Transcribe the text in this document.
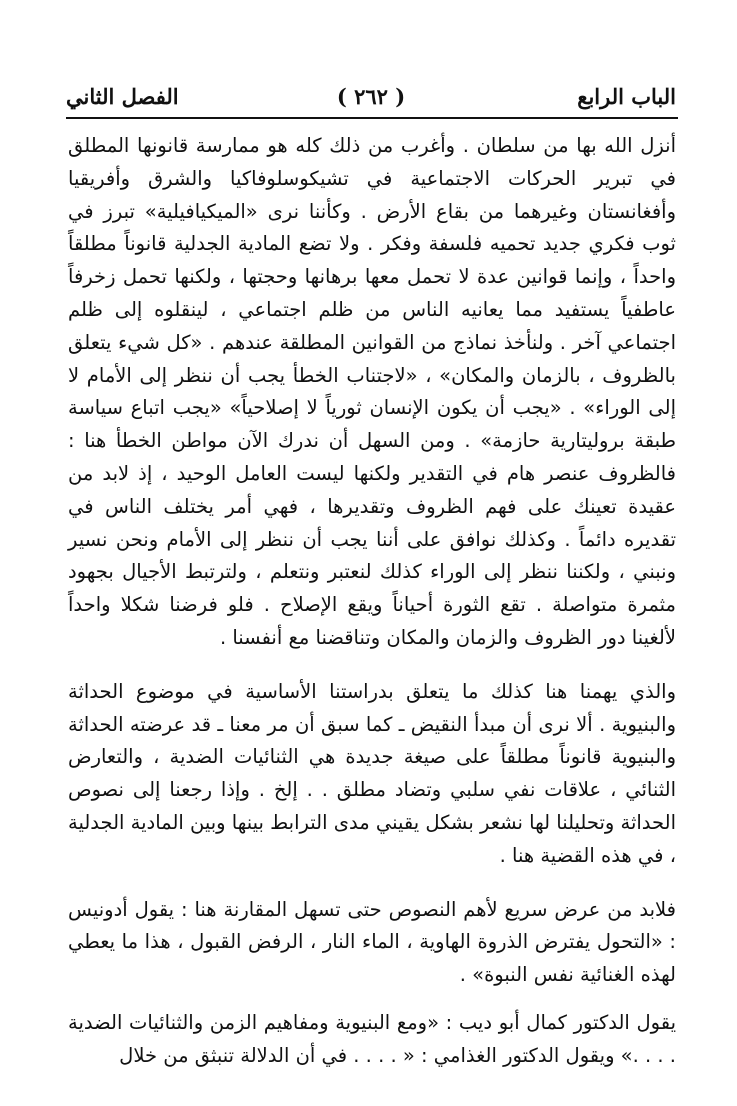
الباب الرابع
( ٢٦٢ )
الفصل الثاني

أنزل الله بها من سلطان . وأغرب من ذلك كله هو ممارسة قانونها المطلق في تبرير الحركات الاجتماعية في تشيكوسلوفاكيا والشرق وأفريقيا وأفغانستان وغيرهما من بقاع الأرض . وكأننا نرى «الميكيافيلية» تبرز في ثوب فكري جديد تحميه فلسفة وفكر . ولا تضع المادية الجدلية قانوناً مطلقاً واحداً ، وإنما قوانين عدة لا تحمل معها برهانها وحجتها ، ولكنها تحمل زخرفاً عاطفياً يستفيد مما يعانيه الناس من ظلم اجتماعي ، لينقلوه إلى ظلم اجتماعي آخر . ولنأخذ نماذج من القوانين المطلقة عندهم . «كل شيء يتعلق بالظروف ، بالزمان والمكان» ، «لاجتناب الخطأ يجب أن ننظر إلى الأمام لا إلى الوراء» . «يجب أن يكون الإنسان ثورياً لا إصلاحياً» «يجب اتباع سياسة طبقة بروليتارية حازمة» . ومن السهل أن ندرك الآن مواطن الخطأ هنا : فالظروف عنصر هام في التقدير ولكنها ليست العامل الوحيد ، إذ لابد من عقيدة تعينك على فهم الظروف وتقديرها ، فهي أمر يختلف الناس في تقديره دائماً . وكذلك نوافق على أننا يجب أن ننظر إلى الأمام ونحن نسير ونبني ، ولكننا ننظر إلى الوراء كذلك لنعتبر ونتعلم ، ولترتبط الأجيال بجهود مثمرة متواصلة . تقع الثورة أحياناً ويقع الإصلاح . فلو فرضنا شكلا واحداً لألغينا دور الظروف والزمان والمكان وتناقضنا مع أنفسنا .

والذي يهمنا هنا كذلك ما يتعلق بدراستنا الأساسية في موضوع الحداثة والبنيوية . ألا نرى أن مبدأ النقيض ـ كما سبق أن مر معنا ـ قد عرضته الحداثة والبنيوية قانوناً مطلقاً على صيغة جديدة هي الثنائيات الضدية ، والتعارض الثنائي ، علاقات نفي سلبي وتضاد مطلق . . إلخ . وإذا رجعنا إلى نصوص الحداثة وتحليلنا لها نشعر بشكل يقيني مدى الترابط بينها وبين المادية الجدلية ، في هذه القضية هنا .

فلابد من عرض سريع لأهم النصوص حتى تسهل المقارنة هنا : يقول أدونيس : «التحول يفترض الذروة الهاوية ، الماء النار ، الرفض القبول ، هذا ما يعطي لهذه الغنائية نفس النبوة» .

يقول الدكتور كمال أبو ديب : «ومع البنيوية ومفاهيم الزمن والثنائيات الضدية . . . .» ويقول الدكتور الغذامي : « . . . . في أن الدلالة تنبثق من خلال
